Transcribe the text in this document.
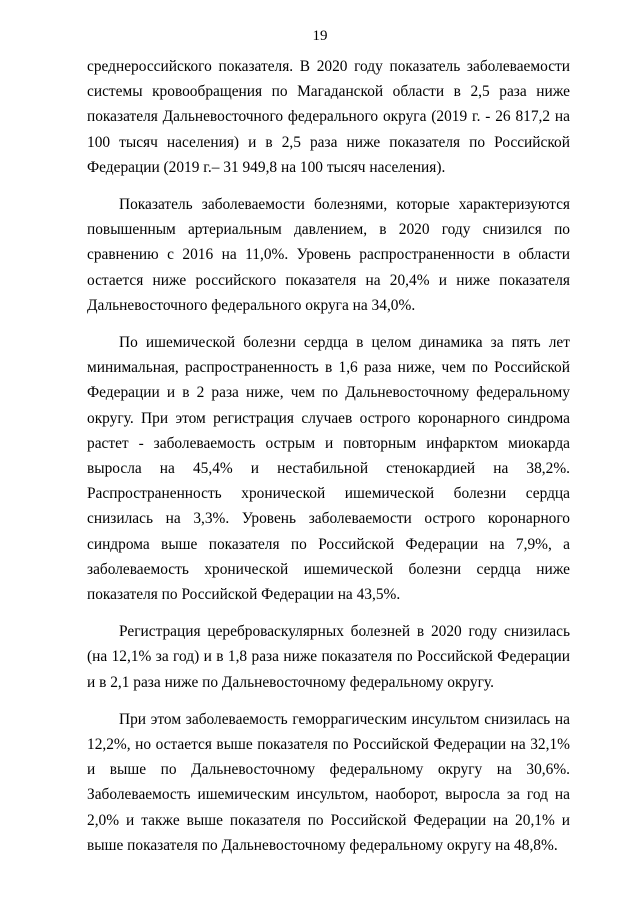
19

среднероссийского показателя. В 2020 году показатель заболеваемости системы кровообращения по Магаданской области в 2,5 раза ниже показателя Дальневосточного федерального округа (2019 г. - 26 817,2 на 100 тысяч населения) и в 2,5 раза ниже показателя по Российской Федерации (2019 г.– 31 949,8 на 100 тысяч населения).

Показатель заболеваемости болезнями, которые характеризуются повышенным артериальным давлением, в 2020 году снизился по сравнению с 2016 на 11,0%. Уровень распространенности в области остается ниже российского показателя на 20,4% и ниже показателя Дальневосточного федерального округа на 34,0%.

По ишемической болезни сердца в целом динамика за пять лет минимальная, распространенность в 1,6 раза ниже, чем по Российской Федерации и в 2 раза ниже, чем по Дальневосточному федеральному округу. При этом регистрация случаев острого коронарного синдрома растет - заболеваемость острым и повторным инфарктом миокарда выросла на 45,4% и нестабильной стенокардией на 38,2%. Распространенность хронической ишемической болезни сердца снизилась на 3,3%. Уровень заболеваемости острого коронарного синдрома выше показателя по Российской Федерации на 7,9%, а заболеваемость хронической ишемической болезни сердца ниже показателя по Российской Федерации на 43,5%.

Регистрация цереброваскулярных болезней в 2020 году снизилась (на 12,1% за год) и в 1,8 раза ниже показателя по Российской Федерации и в 2,1 раза ниже по Дальневосточному федеральному округу.

При этом заболеваемость геморрагическим инсультом снизилась на 12,2%, но остается выше показателя по Российской Федерации на 32,1% и выше по Дальневосточному федеральному округу на 30,6%. Заболеваемость ишемическим инсультом, наоборот, выросла за год на 2,0% и также выше показателя по Российской Федерации на 20,1% и выше показателя по Дальневосточному федеральному округу на 48,8%.
